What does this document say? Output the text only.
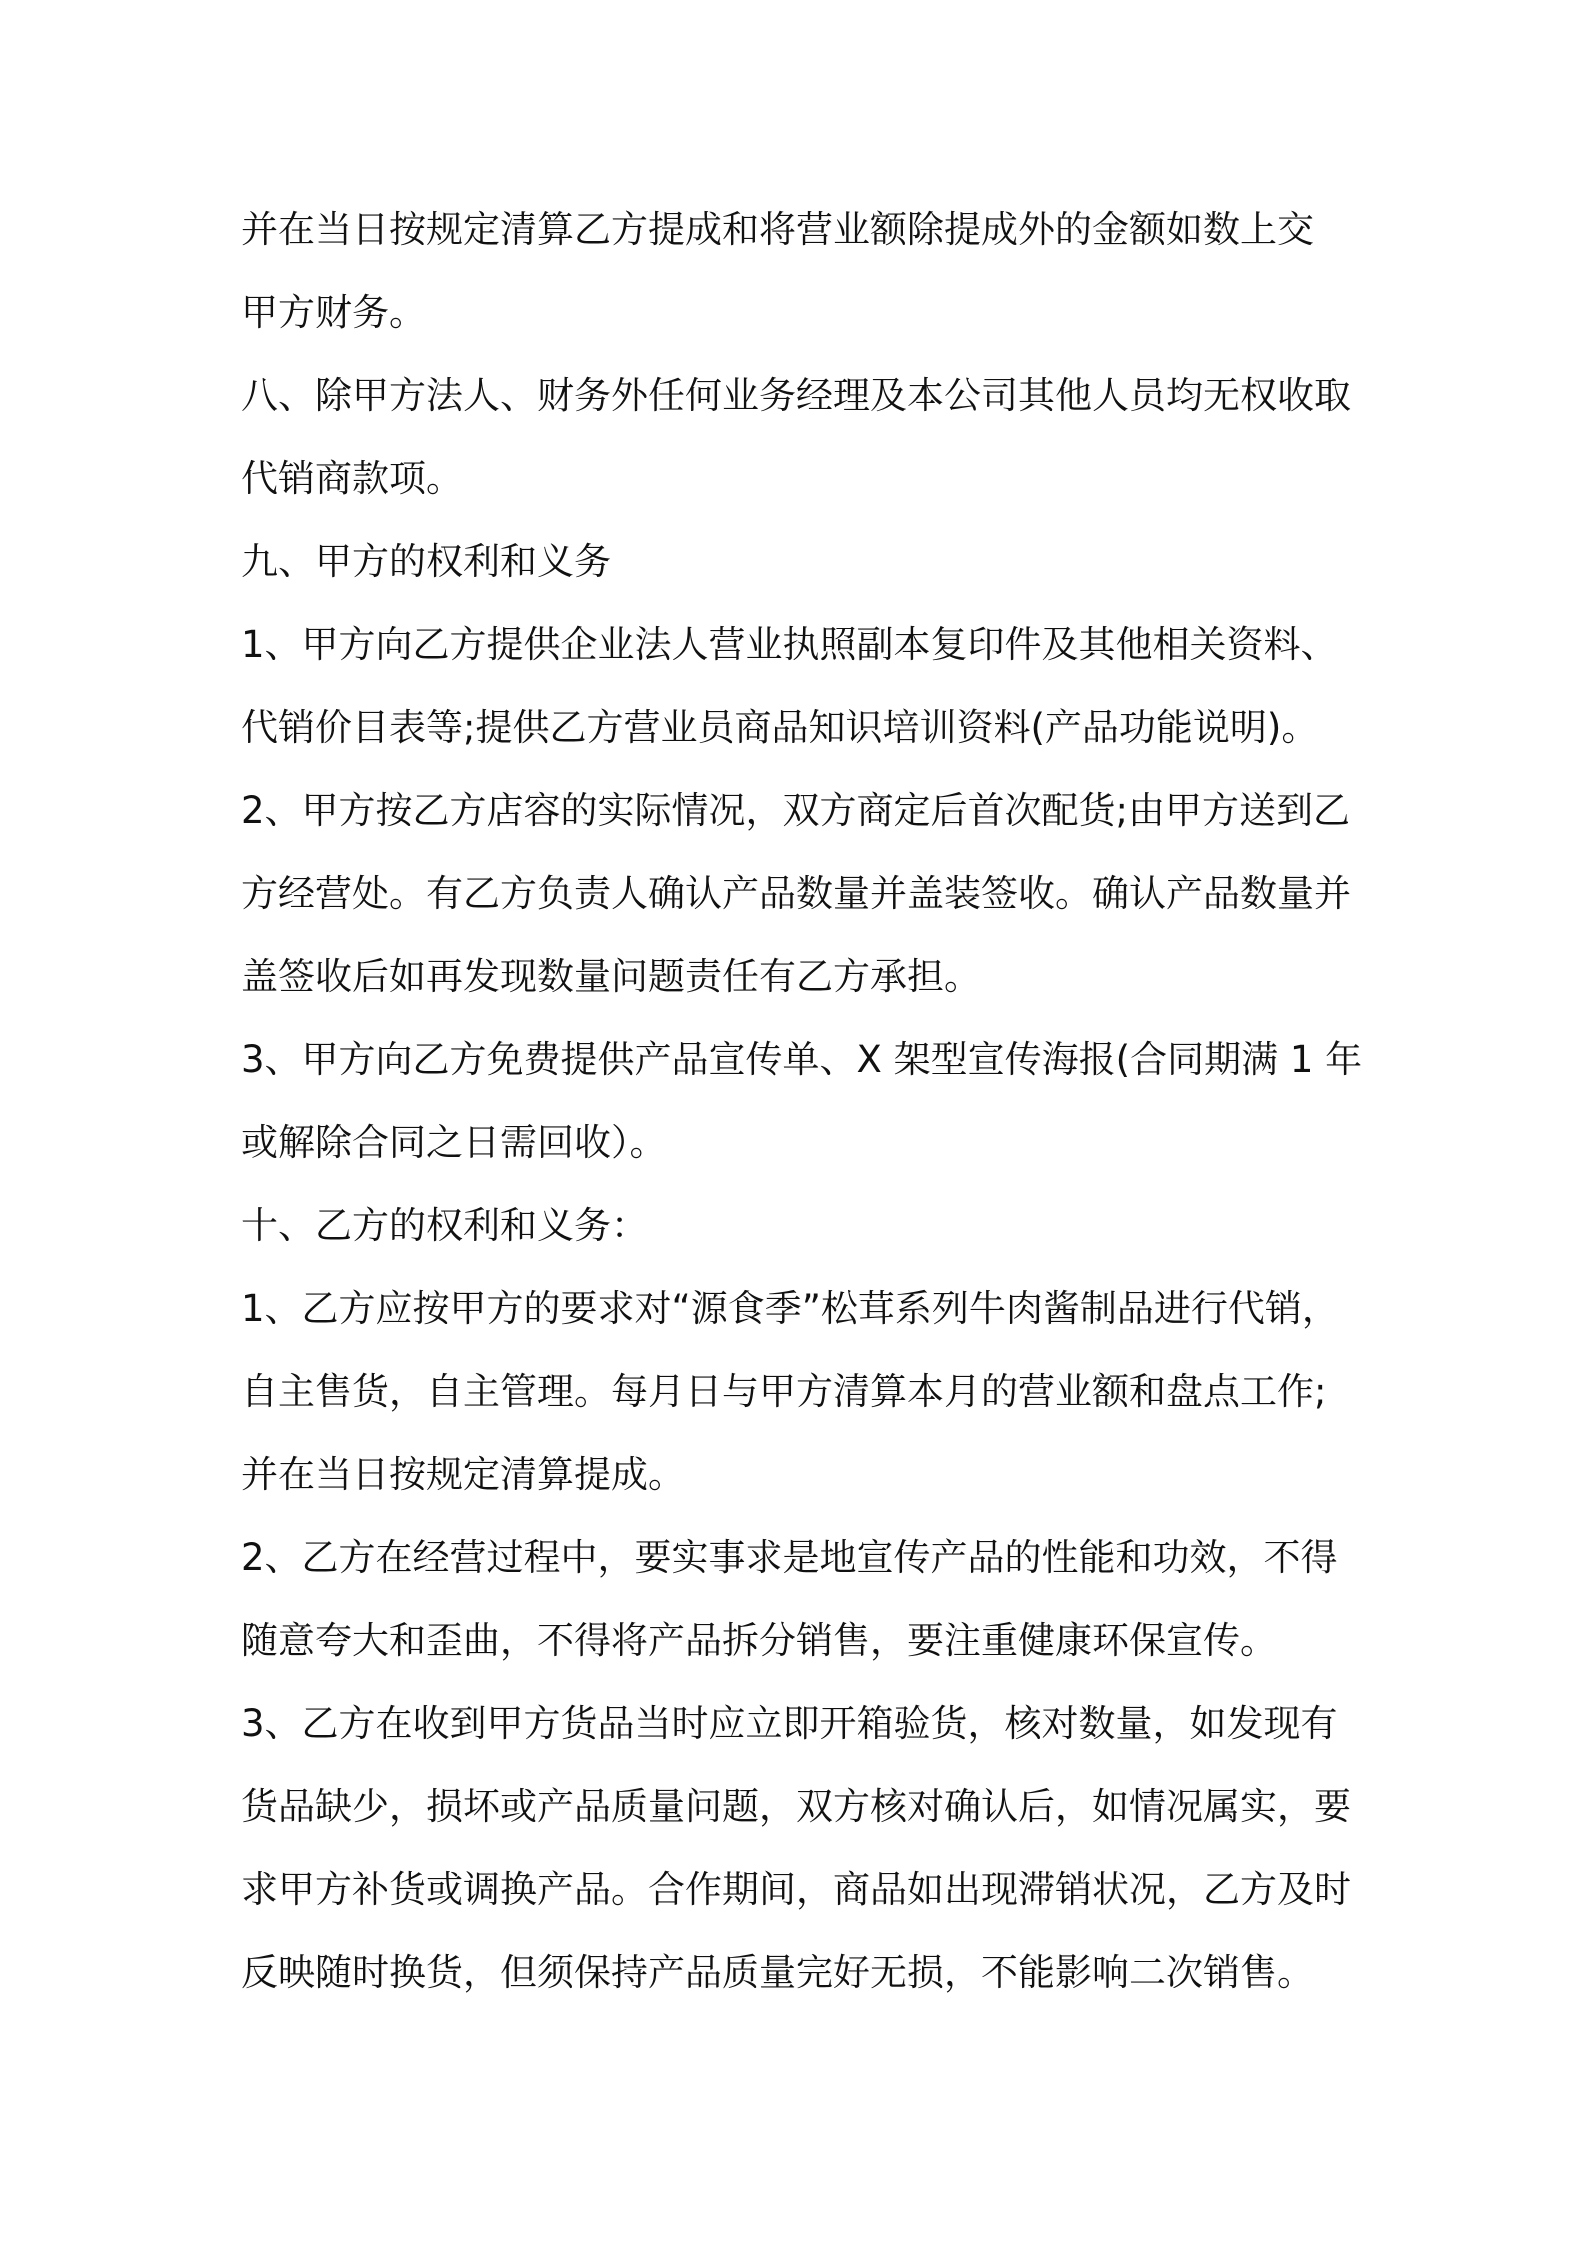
并在当日按规定清算乙方提成和将营业额除提成外的金额如数上交

甲方财务。

八、除甲方法人、财务外任何业务经理及本公司其他人员均无权收取

代销商款项。

九、甲方的权利和义务

1、甲方向乙方提供企业法人营业执照副本复印件及其他相关资料、

代销价目表等;提供乙方营业员商品知识培训资料(产品功能说明)。

2、甲方按乙方店容的实际情况，双方商定后首次配货;由甲方送到乙

方经营处。有乙方负责人确认产品数量并盖装签收。确认产品数量并

盖签收后如再发现数量问题责任有乙方承担。

3、甲方向乙方免费提供产品宣传单、X 架型宣传海报(合同期满 1 年

或解除合同之日需回收）。

十、乙方的权利和义务：

1、乙方应按甲方的要求对“源食季”松茸系列牛肉酱制品进行代销，

自主售货，自主管理。每月日与甲方清算本月的营业额和盘点工作;

并在当日按规定清算提成。

2、乙方在经营过程中，要实事求是地宣传产品的性能和功效，不得

随意夸大和歪曲，不得将产品拆分销售，要注重健康环保宣传。

3、乙方在收到甲方货品当时应立即开箱验货，核对数量，如发现有

货品缺少，损坏或产品质量问题，双方核对确认后，如情况属实，要

求甲方补货或调换产品。合作期间，商品如出现滞销状况，乙方及时

反映随时换货，但须保持产品质量完好无损，不能影响二次销售。
